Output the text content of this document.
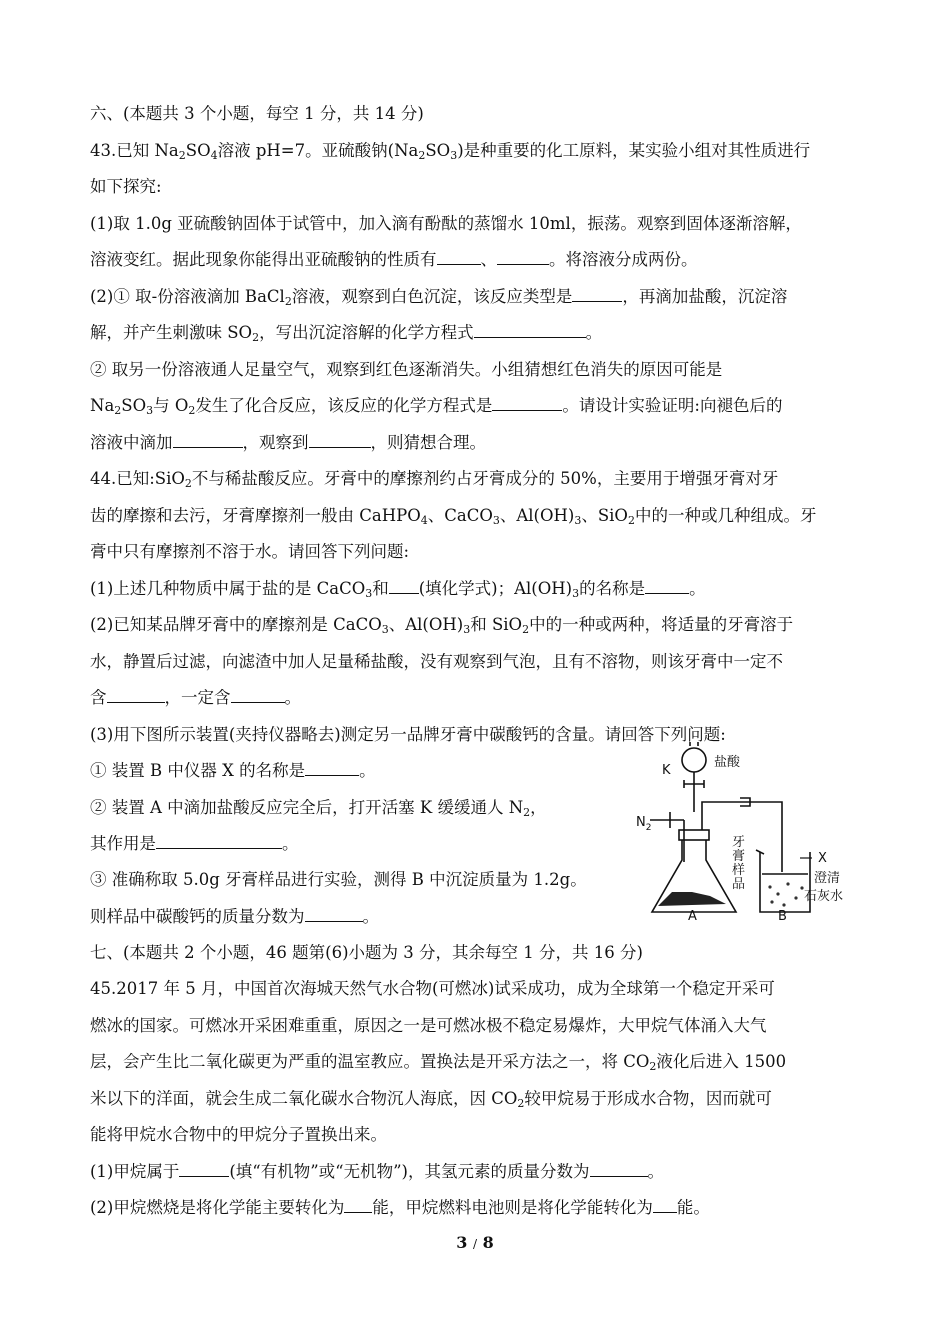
六、(本题共 3 个小题，每空 1 分，共 14 分)
43.已知 $Na_2SO_4$溶液 pH=7。亚硫酸钠$(Na_2SO_3)$是种重要的化工原料，某实验小组对其性质进行
如下探究:
(1)取 1.0g 亚硫酸钠固体于试管中，加入滴有酚酞的蒸馏水 10ml，振荡。观察到固体逐渐溶解，
溶液变红。据此现象你能得出亚硫酸钠的性质有	、	。将溶液分成两份。
(2)① 取-份溶液滴加 BaCl$_2$溶液，观察到白色沉淀，该反应类型是	，再滴加盐酸，沉淀溶
解，并产生刺激味 $SO_2$，写出沉淀溶解的化学方程式	。
② 取另一份溶液通人足量空气，观察到红色逐渐消失。小组猜想红色消失的原因可能是
$Na_2SO_3$与 $O_2$发生了化合反应，该反应的化学方程式是	。请设计实验证明:向褪色后的
溶液中滴加	，观察到	，则猜想合理。
44.已知:SiO$_2$不与稀盐酸反应。牙膏中的摩擦剂约占牙膏成分的 50%，主要用于增强牙膏对牙
齿的摩擦和去污，牙膏摩擦剂一般由 CaHPO$_4$、CaCO$_3$、$Al(OH)_3$、SiO$_2$中的一种或几种组成。牙
膏中只有摩擦剂不溶于水。请回答下列问题:
(1)上述几种物质中属于盐的是 CaCO$_3$和 (填化学式)；$Al(OH)_3$的名称是	。
(2)已知某品牌牙膏中的摩擦剂是 CaCO$_3$、$Al(OH)_3$和 SiO$_2$中的一种或两种，将适量的牙膏溶于
水，静置后过滤，向滤渣中加人足量稀盐酸，没有观察到气泡，且有不溶物，则该牙膏中一定不
含	，一定含	。
(3)用下图所示装置(夹持仪器略去)测定另一品牌牙膏中碳酸钙的含量。请回答下列问题:
① 装置 B 中仪器 X 的名称是	。
② 装置 A 中滴加盐酸反应完全后，打开活塞 K 缓缓通人 $N_2$，
其作用是	。
③ 准确称取 5.0g 牙膏样品进行实验，测得 B 中沉淀质量为 1.2g。
则样品中碳酸钙的质量分数为	。
K
盐酸
$N_2$
牙
膏
样
品
X
澄清
石灰水
A	B
七、(本题共 2 个小题，46 题第(6)小题为 3 分，其余每空 1 分，共 16 分)
45.2017 年 5 月，中国首次海城天然气水合物(可燃冰)试采成功，成为全球第一个稳定开采可
燃冰的国家。可燃冰开采困难重重，原因之一是可燃冰极不稳定易爆炸，大甲烷气体涌入大气
层，会产生比二氧化碳更为严重的温室教应。置换法是开采方法之一，将 $CO_2$液化后进入 1500
米以下的洋面，就会生成二氧化碳水合物沉人海底，因 $CO_2$较甲烷易于形成水合物，因而就可
能将甲烷水合物中的甲烷分子置换出来。
(1)甲烷属于	(填“有机物”或“无机物”)，其氢元素的质量分数为	。
(2)甲烷燃烧是将化学能主要转化为 能，甲烷燃料电池则是将化学能转化为 能。
3 / 8
